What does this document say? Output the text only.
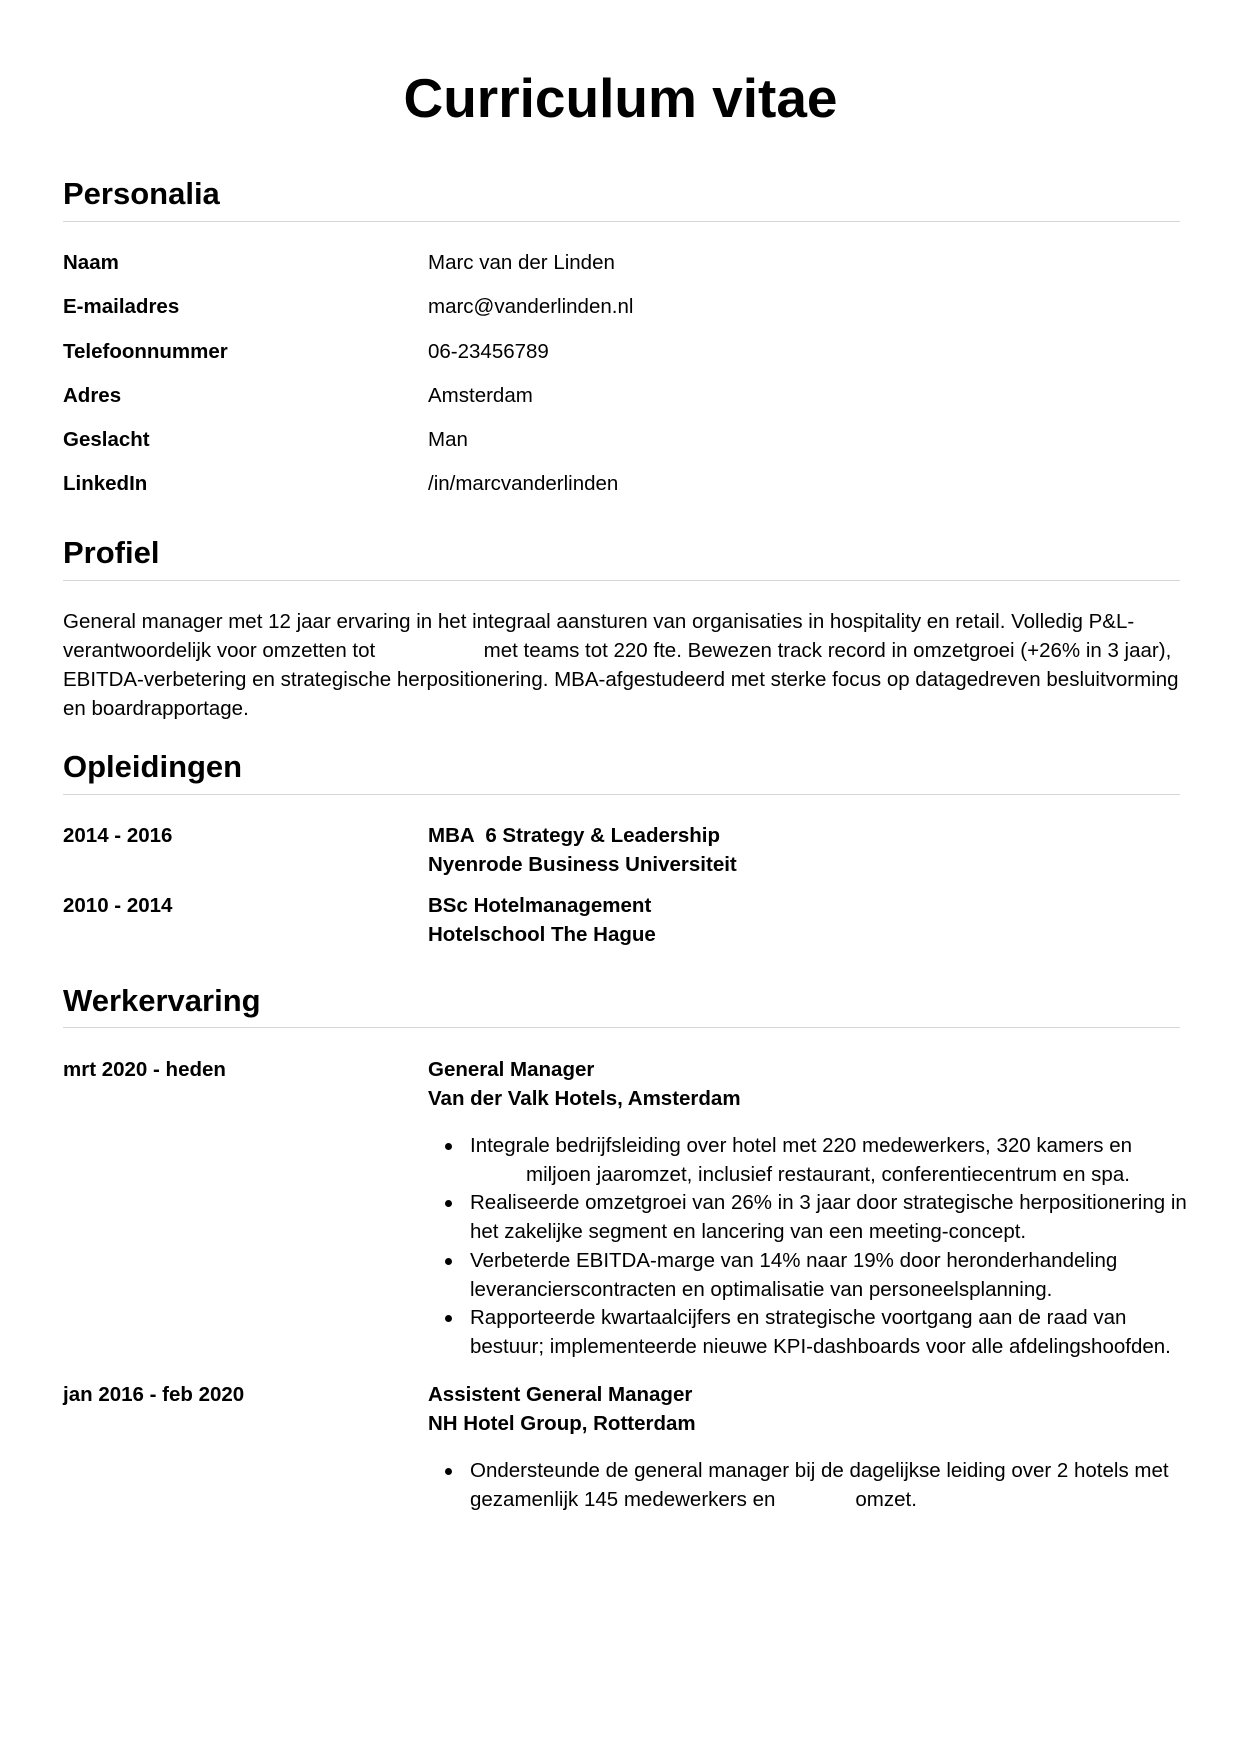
Curriculum vitae
Personalia
Naam	Marc van der Linden
E-mailadres	marc@vanderlinden.nl
Telefoonnummer	06-23456789
Adres	Amsterdam
Geslacht	Man
LinkedIn	/in/marcvanderlinden
Profiel

General manager met 12 jaar ervaring in het integraal aansturen van organisaties in hospitality en retail. Volledig P&L-verantwoordelijk voor omzetten tot	met teams tot 220 fte. Bewezen track record in omzetgroei (+26% in 3 jaar), EBITDA-verbetering en strategische herpositionering. MBA-afgestudeerd met sterke focus op datagedreven besluitvorming en boardrapportage.

Opleidingen
2014 - 2016	MBA  6 Strategy & Leadership
Nyenrode Business Universiteit
2010 - 2014	BSc Hotelmanagement
Hotelschool The Hague
Werkervaring
mrt 2020 - heden	General Manager
Van der Valk Hotels, Amsterdam
Integrale bedrijfsleiding over hotel met 220 medewerkers, 320 kamers en
miljoen jaaromzet, inclusief restaurant, conferentiecentrum en spa.
Realiseerde omzetgroei van 26% in 3 jaar door strategische herpositionering in het zakelijke segment en lancering van een meeting-concept.
Verbeterde EBITDA-marge van 14% naar 19% door heronderhandeling leverancierscontracten en optimalisatie van personeelsplanning.
Rapporteerde kwartaalcijfers en strategische voortgang aan de raad van bestuur; implementeerde nieuwe KPI-dashboards voor alle afdelingshoofden.
jan 2016 - feb 2020	Assistent General Manager
NH Hotel Group, Rotterdam
Ondersteunde de general manager bij de dagelijkse leiding over 2 hotels met gezamenlijk 145 medewerkers en	omzet.
